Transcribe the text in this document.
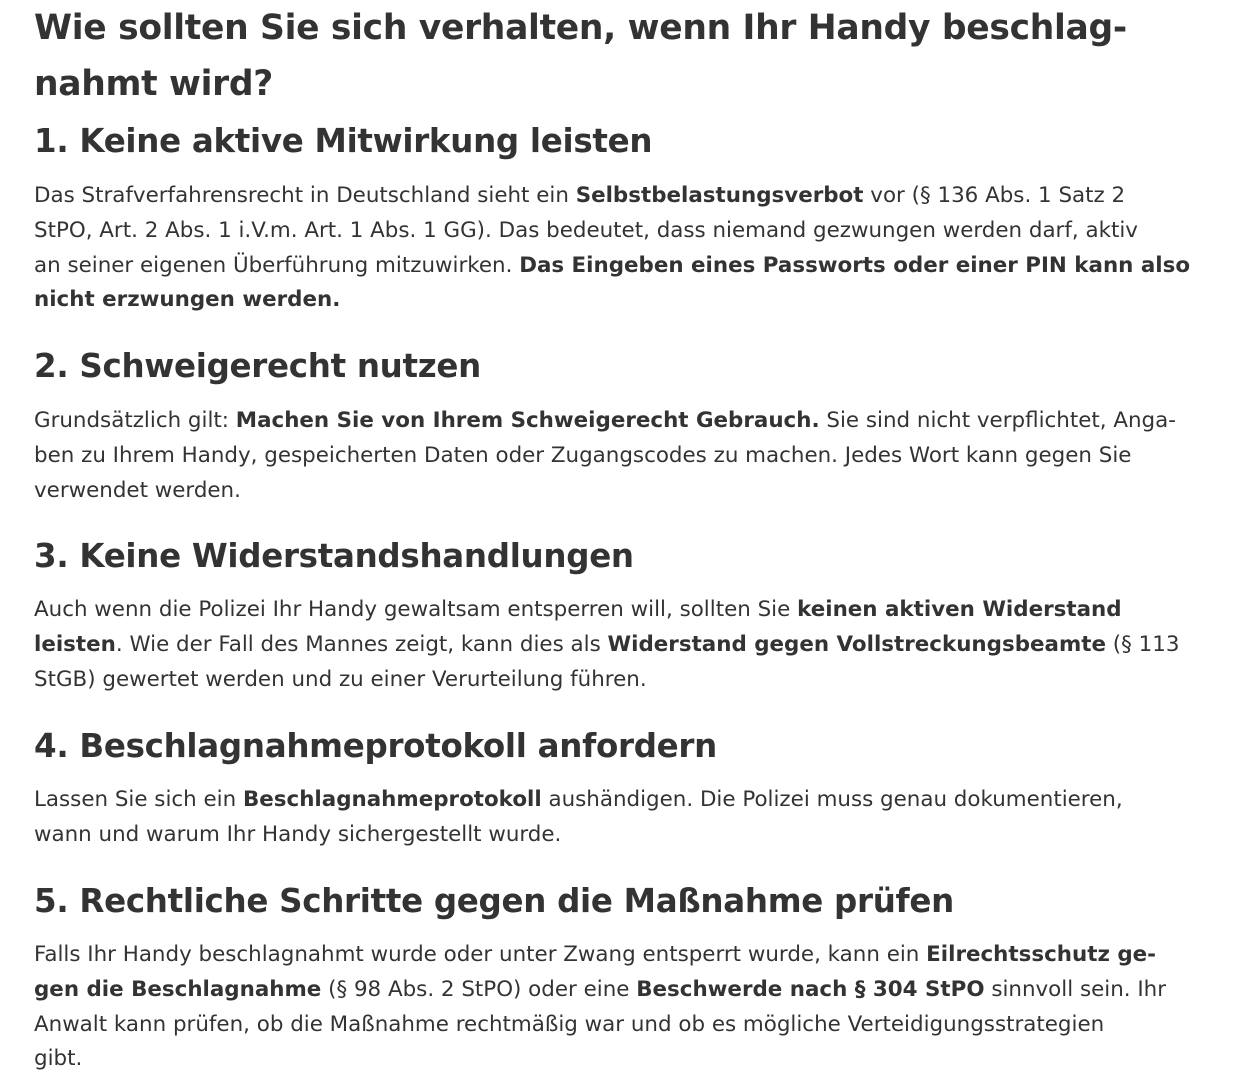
Wie sollten Sie sich verhalten, wenn Ihr Handy beschlag-
nahmt wird?
1. Keine aktive Mitwirkung leisten

Das Strafverfahrensrecht in Deutschland sieht ein Selbstbelastungsverbot vor (§ 136 Abs. 1 Satz 2
StPO, Art. 2 Abs. 1 i.V.m. Art. 1 Abs. 1 GG). Das bedeutet, dass niemand gezwungen werden darf, aktiv
an seiner eigenen Überführung mitzuwirken. Das Eingeben eines Passworts oder einer PIN kann also
nicht erzwungen werden.

2. Schweigerecht nutzen

Grundsätzlich gilt: Machen Sie von Ihrem Schweigerecht Gebrauch. Sie sind nicht verpflichtet, Anga-
ben zu Ihrem Handy, gespeicherten Daten oder Zugangscodes zu machen. Jedes Wort kann gegen Sie
verwendet werden.

3. Keine Widerstandshandlungen

Auch wenn die Polizei Ihr Handy gewaltsam entsperren will, sollten Sie keinen aktiven Widerstand
leisten. Wie der Fall des Mannes zeigt, kann dies als Widerstand gegen Vollstreckungsbeamte (§ 113
StGB) gewertet werden und zu einer Verurteilung führen.

4. Beschlagnahmeprotokoll anfordern

Lassen Sie sich ein Beschlagnahmeprotokoll aushändigen. Die Polizei muss genau dokumentieren,
wann und warum Ihr Handy sichergestellt wurde.

5. Rechtliche Schritte gegen die Maßnahme prüfen

Falls Ihr Handy beschlagnahmt wurde oder unter Zwang entsperrt wurde, kann ein Eilrechtsschutz ge-
gen die Beschlagnahme (§ 98 Abs. 2 StPO) oder eine Beschwerde nach § 304 StPO sinnvoll sein. Ihr
Anwalt kann prüfen, ob die Maßnahme rechtmäßig war und ob es mögliche Verteidigungsstrategien
gibt.
